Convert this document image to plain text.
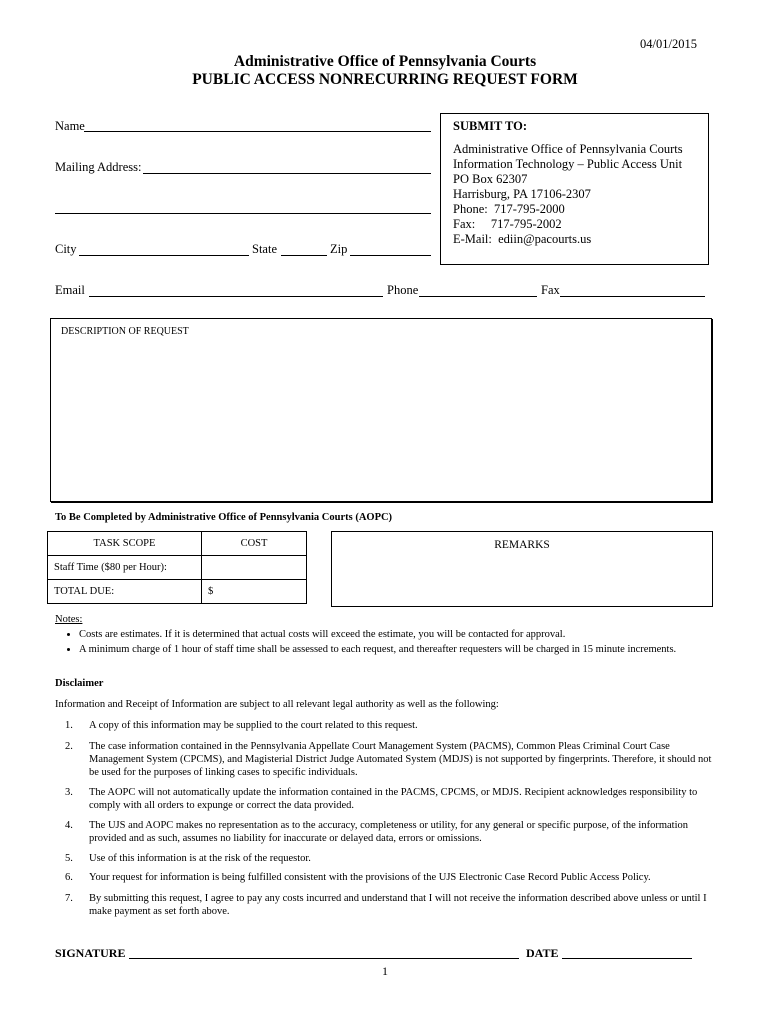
04/01/2015
Administrative Office of Pennsylvania Courts
PUBLIC ACCESS NONRECURRING REQUEST FORM
Name
Mailing Address:
City	State	Zip
SUBMIT TO:
Administrative Office of Pennsylvania Courts
Information Technology – Public Access Unit
PO Box 62307
Harrisburg, PA 17106-2307
Phone:  717-795-2000
Fax:     717-795-2002
E-Mail:  ediin@pacourts.us
Email	Phone	Fax
DESCRIPTION OF REQUEST
To Be Completed by Administrative Office of Pennsylvania Courts (AOPC)
TASK SCOPE	COST
Staff Time ($80 per Hour):	
TOTAL DUE:	$
REMARKS
Notes:
• Costs are estimates. If it is determined that actual costs will exceed the estimate, you will be contacted for approval.
• A minimum charge of 1 hour of staff time shall be assessed to each request, and thereafter requesters will be charged in 15 minute increments.
Disclaimer
Information and Receipt of Information are subject to all relevant legal authority as well as the following:
1. A copy of this information may be supplied to the court related to this request.
2. The case information contained in the Pennsylvania Appellate Court Management System (PACMS), Common Pleas Criminal Court Case Management System (CPCMS), and Magisterial District Judge Automated System (MDJS) is not supported by fingerprints. Therefore, it should not be used for the purposes of linking cases to specific individuals.
3. The AOPC will not automatically update the information contained in the PACMS, CPCMS, or MDJS. Recipient acknowledges responsibility to comply with all orders to expunge or correct the data provided.
4. The UJS and AOPC makes no representation as to the accuracy, completeness or utility, for any general or specific purpose, of the information provided and as such, assumes no liability for inaccurate or delayed data, errors or omissions.
5. Use of this information is at the risk of the requestor.
6. Your request for information is being fulfilled consistent with the provisions of the UJS Electronic Case Record Public Access Policy.
7. By submitting this request, I agree to pay any costs incurred and understand that I will not receive the information described above unless or until I make payment as set forth above.
SIGNATURE	DATE
1
